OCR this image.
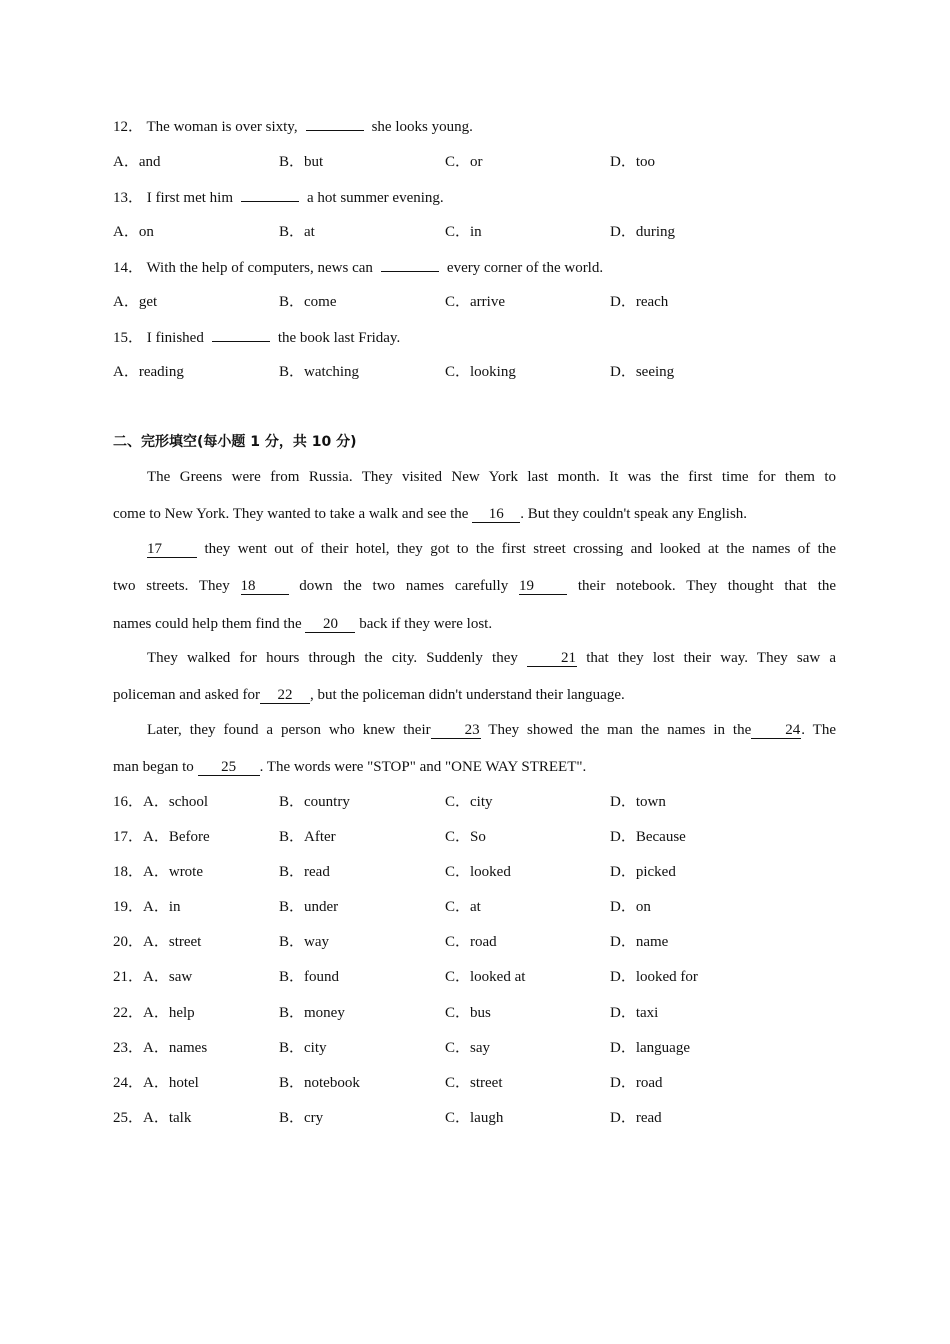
12． The woman is over sixty,	she looks young.
A．and	B．but	C．or	D．too
13． I first met him	a hot summer evening.
A．on	B．at	C．in	D．during
14． With the help of computers, news can	every corner of the world.
A．get	B．come	C．arrive	D．reach
15． I finished	the book last Friday.
A．reading	B．watching	C．looking	D．seeing
二、完形填空(每小题 1 分，共 10 分)
The Greens were from Russia. They visited New York last month. It was the first time for them to
come to New York. They wanted to take a walk and see the 16 . But they couldn't speak any English.
17	they went out of their hotel, they got to the first street crossing and looked at the names of the
two streets. They 18	down the two names carefully 19	their notebook. They thought that the
names could help them find the 20 back if they were lost.
They walked for hours through the city. Suddenly they	21 that they lost their way. They saw a
policeman and asked for 22 , but the policeman didn't understand their language.
Later, they found a person who knew their 23 They showed the man the names in the 24. The
man began to 25 . The words were "STOP" and "ONE WAY STREET".
16．A．school	B．country	C．city	D．town
17．A．Before	B．After	C．So	D．Because
18．A．wrote	B．read	C．looked	D．picked
19．A．in	B．under	C．at	D．on
20．A．street	B．way	C．road	D．name
21．A．saw	B．found	C．looked at	D．looked for
22．A．help	B．money	C．bus	D．taxi
23．A．names	B．city	C．say	D．language
24．A．hotel	B．notebook	C．street	D．road
25．A．talk	B．cry	C．laugh	D．read
